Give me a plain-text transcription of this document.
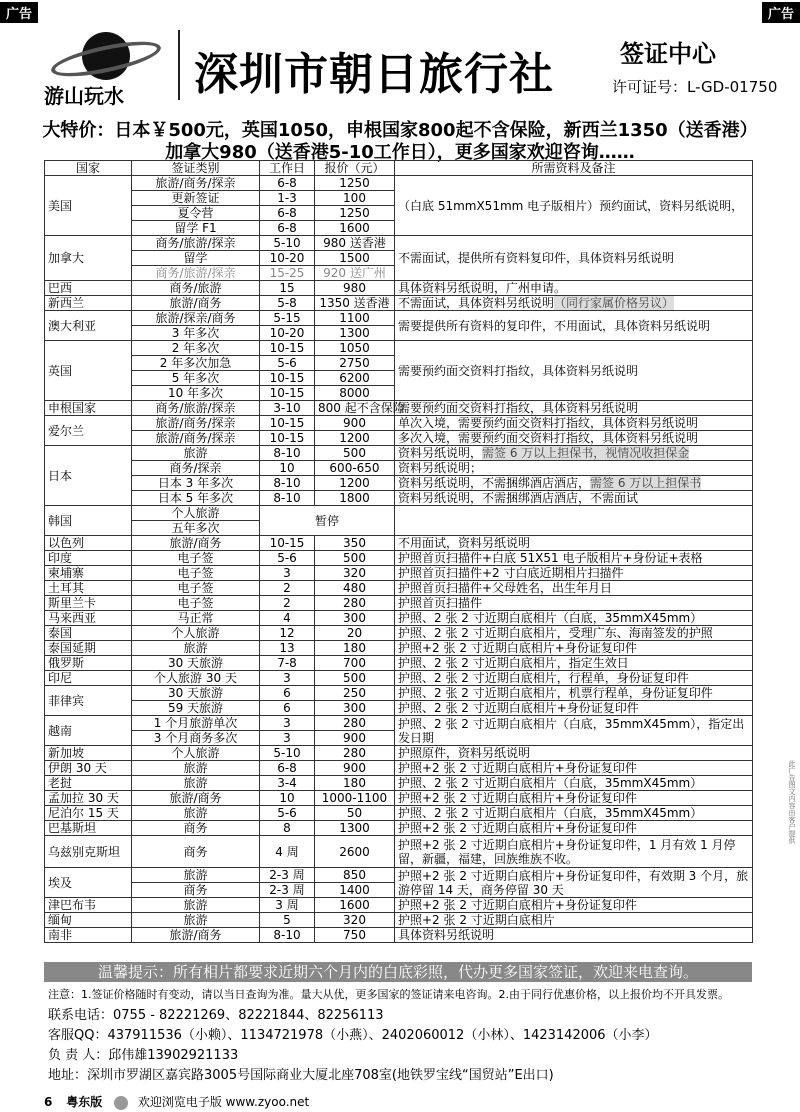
广告	广告
游山玩水 深圳市朝日旅行社	签证中心
许可证号：L-GD-01750
大特价：日本￥500元，英国1050，申根国家800起不含保险，新西兰1350（送香港）
加拿大980（送香港5-10工作日），更多国家欢迎咨询……
国家	签证类别	工作日	报价（元）	所需资料及备注
美国	旅游/商务/探亲	6-8	1250	（白底 51mmX51mm 电子版相片）预约面试，资料另纸说明，
	更新签证	1-3	100	
	夏令营	6-8	1250	
	留学 F1	6-8	1600	
加拿大	商务/旅游/探亲	5-10	980 送香港	不需面试，提供所有资料复印件，具体资料另纸说明
	留学	10-20	1500	
	商务/旅游/探亲	15-25	920 送广州	
巴西	商务/旅游	15	980	具体资料另纸说明，广州申请。
新西兰	旅游/商务	5-8	1350 送香港	不需面试，具体资料另纸说明（同行家属价格另议）
澳大利亚	旅游/探亲/商务	5-15	1100	需要提供所有资料的复印件，不用面试，具体资料另纸说明
	3 年多次	10-20	1300	
英国	2 年多次	10-15	1050	需要预约面交资料打指纹，具体资料另纸说明
	2 年多次加急	5-6	2750	
	5 年多次	10-15	6200	
	10 年多次	10-15	8000	
申根国家	商务/旅游/探亲	3-10	800 起不含保险	需要预约面交资料打指纹，具体资料另纸说明
爱尔兰	旅游/商务/探亲	10-15	900	单次入境，需要预约面交资料打指纹，具体资料另纸说明
	旅游/商务/探亲	10-15	1200	多次入境，需要预约面交资料打指纹，具体资料另纸说明
日本	旅游	8-10	500	资料另纸说明，需签 6 万以上担保书，视情况收担保金
	商务/探亲	10	600-650	资料另纸说明；
	日本 3 年多次	8-10	1200	资料另纸说明，不需捆绑酒店酒店，需签 6 万以上担保书
	日本 5 年多次	8-10	1800	资料另纸说明，不需捆绑酒店酒店，不需面试
韩国	个人旅游	暂停		
	五年多次			
以色列	旅游/商务	10-15	350	不用面试，资料另纸说明
印度	电子签	5-6	500	护照首页扫描件+白底 51X51 电子版相片+身份证+表格
柬埔寨	电子签	3	320	护照首页扫描件+2 寸白底近期相片扫描件
土耳其	电子签	2	480	护照首页扫描件+父母姓名，出生年月日
斯里兰卡	电子签	2	280	护照首页扫描件
马来西亚	马正常	4	300	护照、2 张 2 寸近期白底相片（白底，35mmX45mm）
泰国	个人旅游	12	20	护照、2 张 2 寸近期白底相片，受理广东、海南签发的护照
泰国延期	旅游	13	180	护照+2 张 2 寸近期白底相片+身份证复印件
俄罗斯	30 天旅游	7-8	700	护照、2 张 2 寸近期白底相片，指定生效日
印尼	个人旅游 30 天	3	500	护照、2 张 2 寸近期白底相片，行程单，身份证复印件
菲律宾	30 天旅游	6	250	护照、2 张 2 寸近期白底相片，机票行程单，身份证复印件
	59 天旅游	6	300	护照、2 张 2 寸近期白底相片+身份证复印件
越南	1 个月旅游单次	3	280	护照、2 张 2 寸近期白底相片（白底，35mmX45mm），指定出发日期
	3 个月商务多次	3	900	
新加坡	个人旅游	5-10	280	护照原件，资料另纸说明
伊朗 30 天	旅游	6-8	900	护照+2 张 2 寸近期白底相片+身份证复印件
老挝	旅游	3-4	180	护照、2 张 2 寸近期白底相片（白底，35mmX45mm）
孟加拉 30 天	旅游/商务	10	1000-1100	护照+2 张 2 寸近期白底相片+身份证复印件
尼泊尔 15 天	旅游	5-6	50	护照、2 张 2 寸近期白底相片（白底，35mmX45mm）
巴基斯坦	商务	8	1300	护照+2 张 2 寸近期白底相片+身份证复印件
乌兹别克斯坦	商务	4 周	2600	护照+2 张 2 寸近期白底相片+身份证复印件，1 月有效 1 月停留，新疆，福建，回族维族不收。
埃及	旅游	2-3 周	850	护照+2 张 2 寸近期白底相片+身份证复印件，有效期 3 个月，旅游停留 14 天，商务停留 30 天
	商务	2-3 周	1400	
津巴布韦	旅游	3 周	1600	护照+2 张 2 寸近期白底相片+身份证复印件
缅甸	旅游	5	320	护照+2 张 2 寸近期白底相片
南非	旅游/商务	8-10	750	具体资料另纸说明
温馨提示：所有相片都要求近期六个月内的白底彩照，代办更多国家签证，欢迎来电查询。
注意：1.签证价格随时有变动，请以当日查询为准。量大从优，更多国家的签证请来电咨询。2.由于同行优惠价格，以上报价均不开具发票。
联系电话：0755 - 82221269、82221844、82256113
客服QQ：437911536（小赖）、1134721978（小燕）、2402060012（小林）、1423142006（小李）
负 责 人：邱伟雄13902921133
地址：深圳市罗湖区嘉宾路3005号国际商业大厦北座708室(地铁罗宝线“国贸站”E出口)
此广告图文内容由客户提供
6 粤东版	欢迎浏览电子版 www.zyoo.net
